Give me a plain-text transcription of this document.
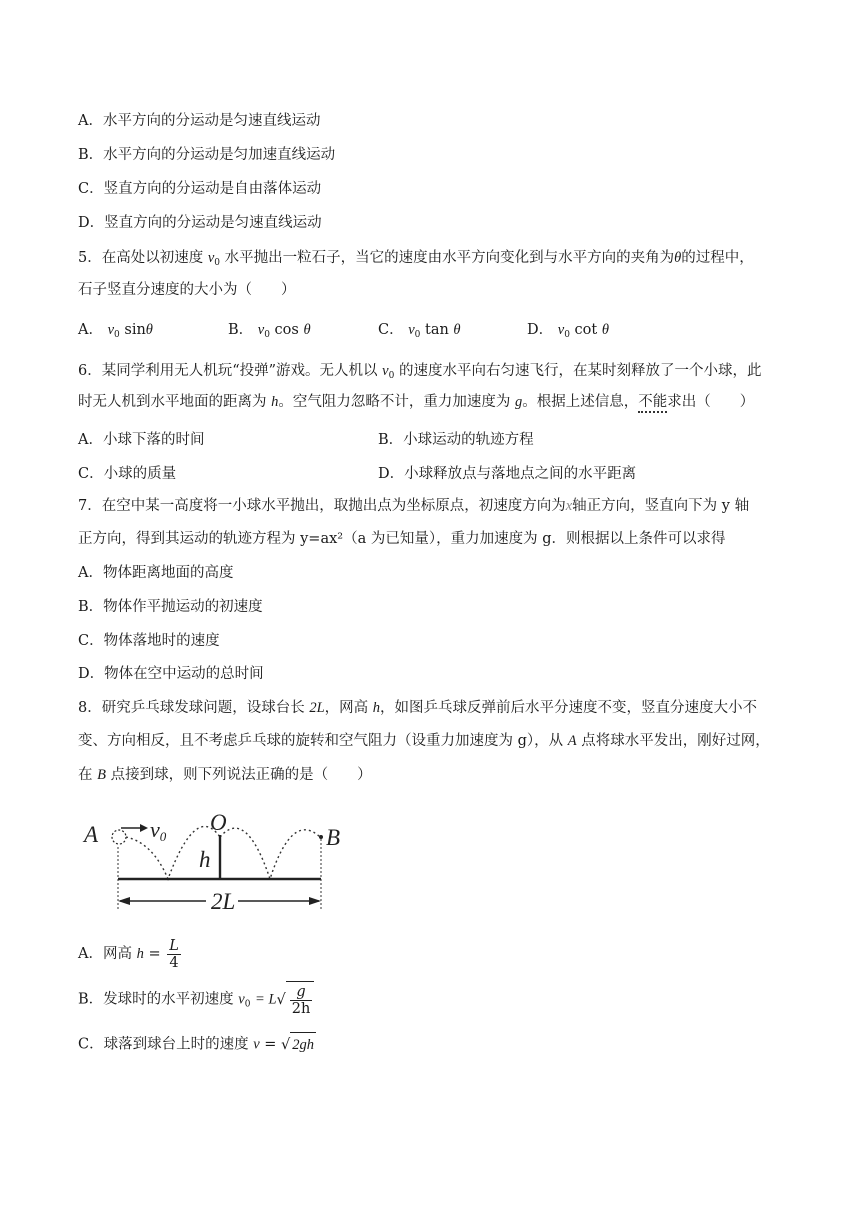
A．水平方向的分运动是匀速直线运动
B．水平方向的分运动是匀加速直线运动
C．竖直方向的分运动是自由落体运动
D．竖直方向的分运动是匀速直线运动
5．在高处以初速度 $v_0$ 水平抛出一粒石子，当它的速度由水平方向变化到与水平方向的夹角为θ的过程中，
石子竖直分速度的大小为（　　）
A． $v_0$ sinθ	B． $v_0$ cos θ	C． $v_0$ tan θ	D． $v_0$ cot θ
6．某同学利用无人机玩“投弹”游戏。无人机以 $v_0$ 的速度水平向右匀速飞行，在某时刻释放了一个小球，此
时无人机到水平地面的距离为 h。空气阻力忽略不计，重力加速度为 g。根据上述信息，不能求出（　　）
A．小球下落的时间	B．小球运动的轨迹方程
C．小球的质量	D．小球释放点与落地点之间的水平距离
7．在空中某一高度将一小球水平抛出，取抛出点为坐标原点，初速度方向为x轴正方向，竖直向下为 y 轴
正方向，得到其运动的轨迹方程为 y=ax²（a 为已知量），重力加速度为 g．则根据以上条件可以求得
A．物体距离地面的高度
B．物体作平抛运动的初速度
C．物体落地时的速度
D．物体在空中运动的总时间
8．研究乒乓球发球问题，设球台长 2L，网高 h，如图乒乓球反弹前后水平分速度不变，竖直分速度大小不
变、方向相反，且不考虑乒乓球的旋转和空气阻力（设重力加速度为 g），从 A 点将球水平发出，刚好过网，
在 B 点接到球，则下列说法正确的是（　　）
A v0
O
h
B
2L
A．网高 $h = \frac{L}{4}$
B．发球时的水平初速度 $v_0 = L√ \frac{g}{2h}$
C．球落到球台上时的速度 v = √ 2gh
